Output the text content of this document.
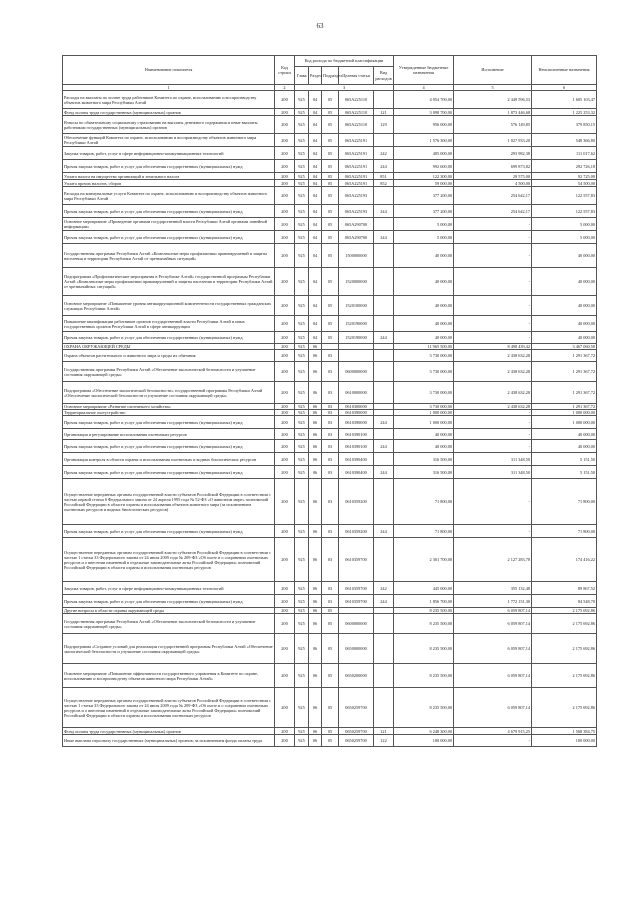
63
Наименование показателя	Код строки	Код расхода по бюджетной классификации					Утвержденные бюджетные назначения	Исполнение	Неисполненные назначения
		Глава	Раздел	Подраздел	Целевая статья	Вид расходов			
1	2	3					4	5	6
Расходы на выплаты по оплате труда работников Комитета по охране, использованию и воспроизводству объектов животного мира Республики Алтай	200	925	04	05	065A225110		4 054 700,00	2 449 596,53	1 605 103,47
Фонд оплаты труда государственных (муниципальных) органов	200	925	04	05	065A225110	121	3 098 700,00	1 873 446,68	1 225 253,32
Взносы по обязательному социальному страхованию на выплаты денежного содержания и иные выплаты работникам государственных (муниципальных) органов	200	925	04	05	065A225110	129	956 000,00	576 149,85	379 850,15
Обеспечение функций Комитета по охране, использованию и воспроизводству объектов животного мира Республики Алтай	200	925	04	05	065A225191		1 576 300,00	1 027 933,20	548 366,80
Закупка товаров, работ, услуг в сфере информационно-коммуникационных технологий	200	925	04	05	065A225191	242	405 000,00	293 982,38	111 017,62
Прочая закупка товаров, работ и услуг для обеспечения государственных (муниципальных) нужд	200	925	04	05	065A225191	244	992 600,00	699 873,82	292 726,18
Уплата налога на имущество организаций и земельного налога	200	925	04	05	065A225191	851	122 300,00	29 575,00	92 725,00
Уплата прочих налогов, сборов	200	925	04	05	065A225191	852	59 000,00	4 500,00	54 500,00
Расходы на коммунальные услуги Комитета по охране, использованию и воспроизводству объектов животного мира Республики Алтай	200	925	04	05	065A225193		377 200,00	254 642,17	122 557,83
Прочая закупка товаров, работ и услуг для обеспечения государственных (муниципальных) нужд	200	925	04	05	065A225193	244	377 200,00	254 642,17	122 557,83
Основное мероприятие «Проведение органами государственной власти Республики Алтай органами линейной информации»	200	925	04	05	065A290700		5 000,00	-	5 000,00
Прочая закупка товаров, работ и услуг для обеспечения государственных (муниципальных) нужд	200	925	04	05	065A290700	244	5 000,00	-	5 000,00
Государственная программа Республики Алтай «Комплексные меры профилактики правонарушений и защиты населения и территории Республики Алтай от чрезвычайных ситуаций»	200	925	04	05	1500000000		40 000,00	-	40 000,00
Подпрограмма «Профилактические мероприятия в Республике Алтай» государственной программы Республики Алтай «Комплексные меры профилактики правонарушений и защиты населения и территории Республики Алтай от чрезвычайных ситуаций»	200	925	04	05	1520000000		40 000,00	-	40 000,00
Основное мероприятие «Повышение уровня антикоррупционной компетентности государственных гражданских служащих Республики Алтай»	200	925	04	05	1520100000		40 000,00	-	40 000,00
Повышение квалификации работников органов государственной власти Республики Алтай и иных государственных органов Республики Алтай в сфере антикоррупции	200	925	04	05	1520190000		40 000,00	-	40 000,00
Прочая закупка товаров, работ и услуг для обеспечения государственных (муниципальных) нужд	200	925	04	05	1520190000	244	40 000,00	-	40 000,00
ОХРАНА ОКРУЖАЮЩЕЙ СРЕДЫ	200	925	06				11 965 500,00	8 498 439,42	3 467 060,58
Охрана объектов растительного и животного мира и среды их обитания	200	925	06	03			3 730 000,00	2 438 632,28	1 291 367,72
Государственная программа Республики Алтай «Обеспечение экологической безопасности и улучшение состояния окружающей среды»	200	925	06	03	0600000000		3 730 000,00	2 438 632,28	1 291 367,72
Подпрограмма «Обеспечение экологической безопасности» государственной программы Республики Алтай «Обеспечение экологической безопасности и улучшение состояния окружающей среды»	200	925	06	03	0610000000		3 730 000,00	2 438 632,28	1 291 367,72
Основное мероприятие «Развитие охотничьего хозяйства»	200	925	06	03	0610300000		3 730 000,00	2 438 632,28	1 291 367,72
Территориальное охотустройство	200	925	06	03	0610390000		1 000 000,00	-	1 000 000,00
Прочая закупка товаров, работ и услуг для обеспечения государственных (муниципальных) нужд	200	925	06	03	0610390000	244	1 000 000,00	-	1 000 000,00
Организация и регулирование использования охотничьих ресурсов	200	925	06	03	0610390100		40 000,00	-	40 000,00
Прочая закупка товаров, работ и услуг для обеспечения государственных (муниципальных) нужд	200	925	06	03	0610390100	244	40 000,00	-	40 000,00
Организация контроля в области охраны и использования охотничьих и водных биологических ресурсов	200	925	06	03	0610390400		316 500,00	311 348,50	5 151,50
Прочая закупка товаров, работ и услуг для обеспечения государственных (муниципальных) нужд	200	925	06	03	0610390400	244	316 500,00	311 348,50	5 151,50
Осуществление переданных органам государственной власти субъектов Российской Федерации в соответствии с частью первой статьи 6 Федерального закона от 24 апреля 1995 года № 52-ФЗ «О животном мире» полномочий Российской Федерации в области охраны и использования объектов животного мира (за исключением охотничьих ресурсов и водных биологических ресурсов)	200	925	06	03	0610359200		71 800,00	-	71 800,00
Прочая закупка товаров, работ и услуг для обеспечения государственных (муниципальных) нужд	200	925	06	03	0610359200	244	71 800,00	-	71 800,00
Осуществление переданных органам государственной власти субъектов Российской Федерации в соответствии с частью 1 статьи 33 Федерального закона от 24 июля 2009 года № 209-ФЗ «Об охоте и о сохранении охотничьих ресурсов и о внесении изменений в отдельные законодательные акты Российской Федерации» полномочий Российской Федерации в области охраны и использования охотничьих ресурсов	200	925	06	03	0610359700		2 301 700,00	2 127 283,78	174 416,22
Закупка товаров, работ, услуг в сфере информационно-коммуникационных технологий	200	925	06	03	0610359700	242	445 000,00	355 132,48	89 867,52
Прочая закупка товаров, работ и услуг для обеспечения государственных (муниципальных) нужд	200	925	06	03	0610359700	244	1 856 700,00	1 772 151,30	84 548,70
Другие вопросы в области охраны окружающей среды	200	925	06	05			8 235 500,00	6 059 807,14	2 175 692,86
Государственная программа Республики Алтай «Обеспечение экологической безопасности и улучшение состояния окружающей среды»	200	925	06	05	0600000000		8 235 500,00	6 059 807,14	2 175 692,86
Подпрограмма «Создание условий для реализации государственной программы Республики Алтай «Обеспечение экологической безопасности и улучшение состояния окружающей среды»	200	925	06	05	0650000000		8 235 500,00	6 059 807,14	2 175 692,86
Основное мероприятие «Повышение эффективности государственного управления в Комитете по охране, использованию и воспроизводству объектов животного мира Республики Алтай»	200	925	06	05	0650200000		8 235 500,00	6 059 807,14	2 175 692,86
Осуществление переданных органам государственной власти субъектов Российской Федерации в соответствии с частью 1 статьи 33 Федерального закона от 24 июля 2009 года № 209-ФЗ «Об охоте и о сохранении охотничьих ресурсов и о внесении изменений в отдельные законодательные акты Российской Федерации» полномочий Российской Федерации в области охраны и использования охотничьих ресурсов	200	925	06	05	0650259700		8 235 500,00	6 059 807,14	2 175 692,86
Фонд оплаты труда государственных (муниципальных) органов	200	925	06	05	0650259700	121	6 248 300,00	4 679 915,25	1 568 384,75
Иные выплаты персоналу государственных (муниципальных) органов, за исключением фонда оплаты труда	200	925	06	05	0650259700	122	100 000,00	-	100 000,00
